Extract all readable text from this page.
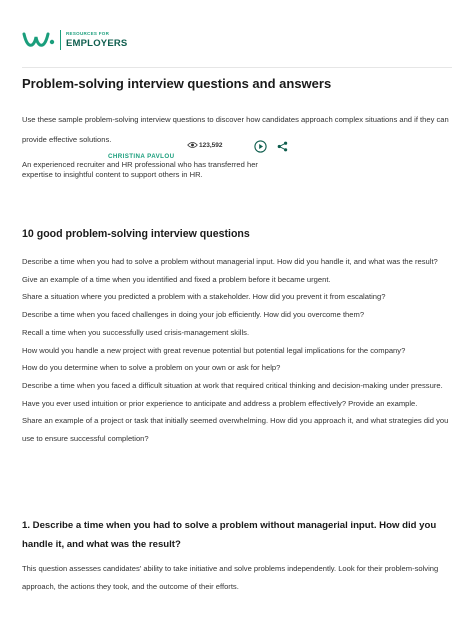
RESOURCES FOR
EMPLOYERS
Problem-solving interview questions and answers

Use these sample problem-solving interview questions to discover how candidates approach complex situations and if they can provide effective solutions.

123,592
CHRISTINA PAVLOU

An experienced recruiter and HR professional who has transferred her expertise to insightful content to support others in HR.

10 good problem-solving interview questions
Describe a time when you had to solve a problem without managerial input. How did you handle it, and what was the result?
Give an example of a time when you identified and fixed a problem before it became urgent.
Share a situation where you predicted a problem with a stakeholder. How did you prevent it from escalating?
Describe a time when you faced challenges in doing your job efficiently. How did you overcome them?
Recall a time when you successfully used crisis-management skills.
How would you handle a new project with great revenue potential but potential legal implications for the company?
How do you determine when to solve a problem on your own or ask for help?
Describe a time when you faced a difficult situation at work that required critical thinking and decision-making under pressure.
Have you ever used intuition or prior experience to anticipate and address a problem effectively? Provide an example.
Share an example of a project or task that initially seemed overwhelming. How did you approach it, and what strategies did you use to ensure successful completion?
1. Describe a time when you had to solve a problem without managerial input. How did you handle it, and what was the result?

This question assesses candidates' ability to take initiative and solve problems independently. Look for their problem-solving approach, the actions they took, and the outcome of their efforts.
